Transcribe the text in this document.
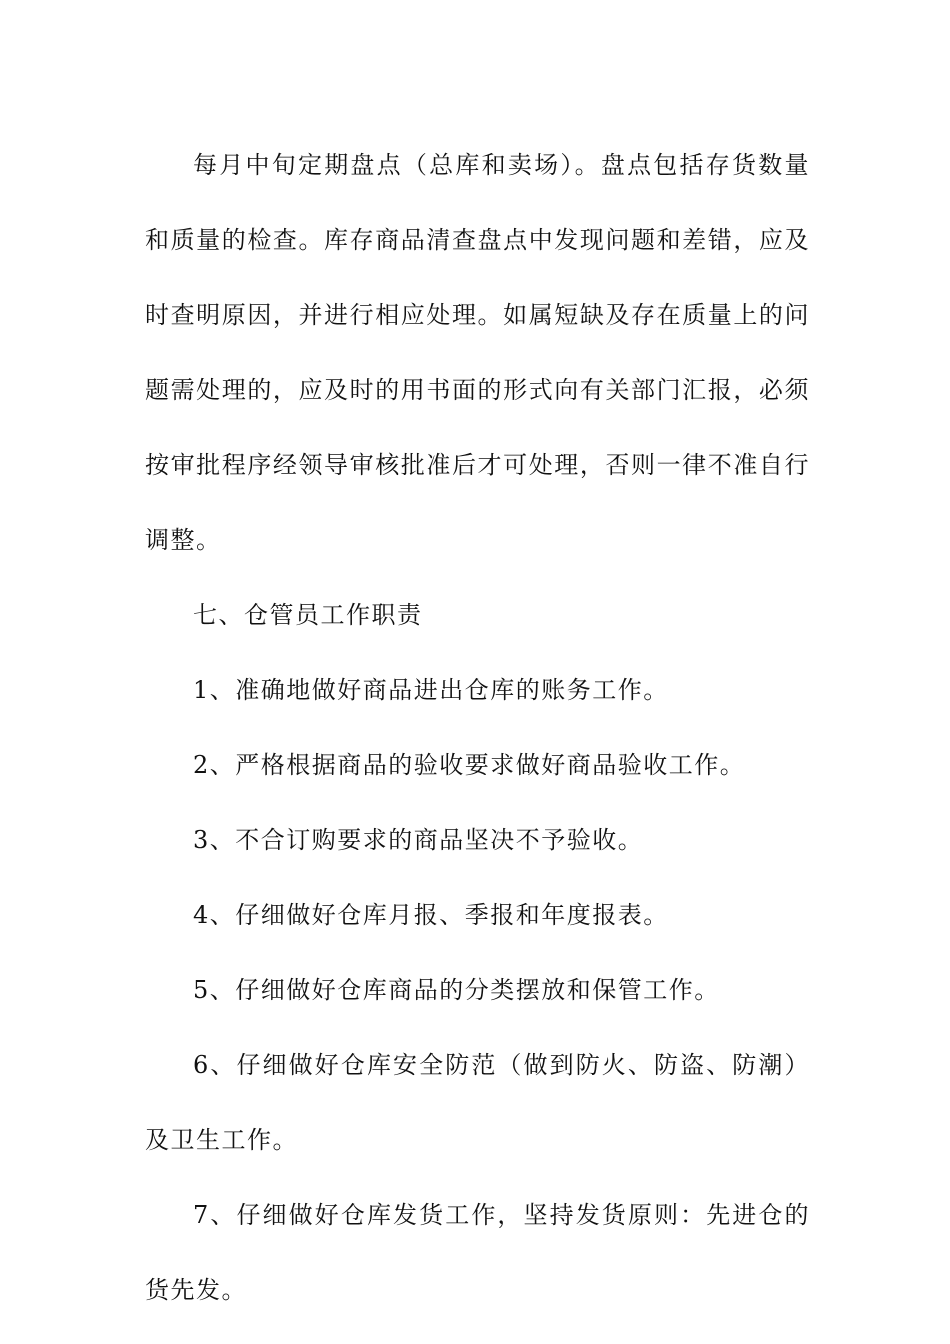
每月中旬定期盘点（总库和卖场）。盘点包括存货数量和质量的检查。库存商品清查盘点中发现问题和差错，应及时查明原因，并进行相应处理。如属短缺及存在质量上的问题需处理的，应及时的用书面的形式向有关部门汇报，必须按审批程序经领导审核批准后才可处理，否则一律不准自行调整。

七、仓管员工作职责

1、准确地做好商品进出仓库的账务工作。

2、严格根据商品的验收要求做好商品验收工作。

3、不合订购要求的商品坚决不予验收。

4、仔细做好仓库月报、季报和年度报表。

5、仔细做好仓库商品的分类摆放和保管工作。

6、仔细做好仓库安全防范（做到防火、防盗、防潮）及卫生工作。

7、仔细做好仓库发货工作，坚持发货原则：先进仓的货先发。
